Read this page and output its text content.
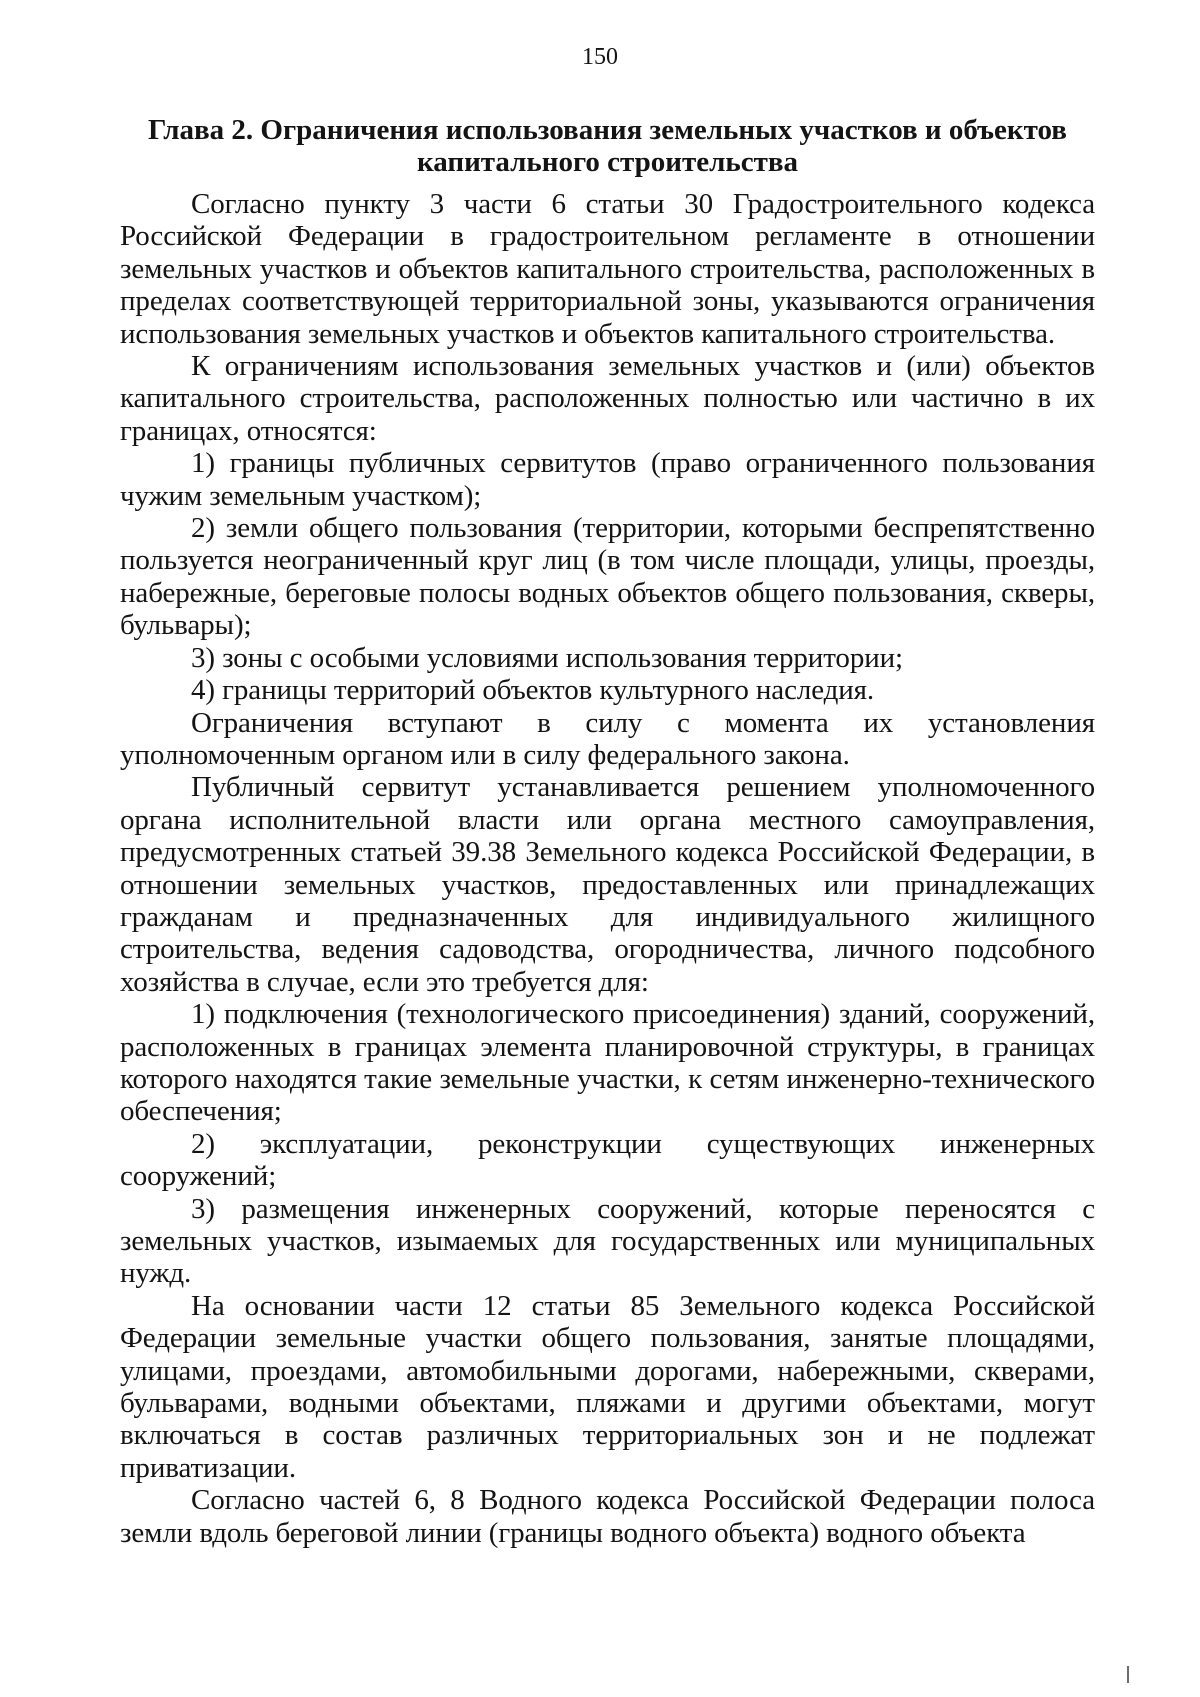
150
Глава 2. Ограничения использования земельных участков и объектов капитального строительства

Согласно пункту 3 части 6 статьи 30 Градостроительного кодекса Российской Федерации в градостроительном регламенте в отношении земельных участков и объектов капитального строительства, расположенных в пределах соответствующей территориальной зоны, указываются ограничения использования земельных участков и объектов капитального строительства.

К ограничениям использования земельных участков и (или) объектов капитального строительства, расположенных полностью или частично в их границах, относятся:

1) границы публичных сервитутов (право ограниченного пользования чужим земельным участком);

2) земли общего пользования (территории, которыми беспрепятственно пользуется неограниченный круг лиц (в том числе площади, улицы, проезды, набережные, береговые полосы водных объектов общего пользования, скверы, бульвары);

3) зоны с особыми условиями использования территории;

4) границы территорий объектов культурного наследия.

Ограничения вступают в силу с момента их установления уполномоченным органом или в силу федерального закона.

Публичный сервитут устанавливается решением уполномоченного органа исполнительной власти или органа местного самоуправления, предусмотренных статьей 39.38 Земельного кодекса Российской Федерации, в отношении земельных участков, предоставленных или принадлежащих гражданам и предназначенных для индивидуального жилищного строительства, ведения садоводства, огородничества, личного подсобного хозяйства в случае, если это требуется для:

1) подключения (технологического присоединения) зданий, сооружений, расположенных в границах элемента планировочной структуры, в границах которого находятся такие земельные участки, к сетям инженерно-технического обеспечения;

2) эксплуатации, реконструкции существующих инженерных сооружений;

3) размещения инженерных сооружений, которые переносятся с земельных участков, изымаемых для государственных или муниципальных нужд.

На основании части 12 статьи 85 Земельного кодекса Российской Федерации земельные участки общего пользования, занятые площадями, улицами, проездами, автомобильными дорогами, набережными, скверами, бульварами, водными объектами, пляжами и другими объектами, могут включаться в состав различных территориальных зон и не подлежат приватизации.

Согласно частей 6, 8 Водного кодекса Российской Федерации полоса земли вдоль береговой линии (границы водного объекта) водного объекта
